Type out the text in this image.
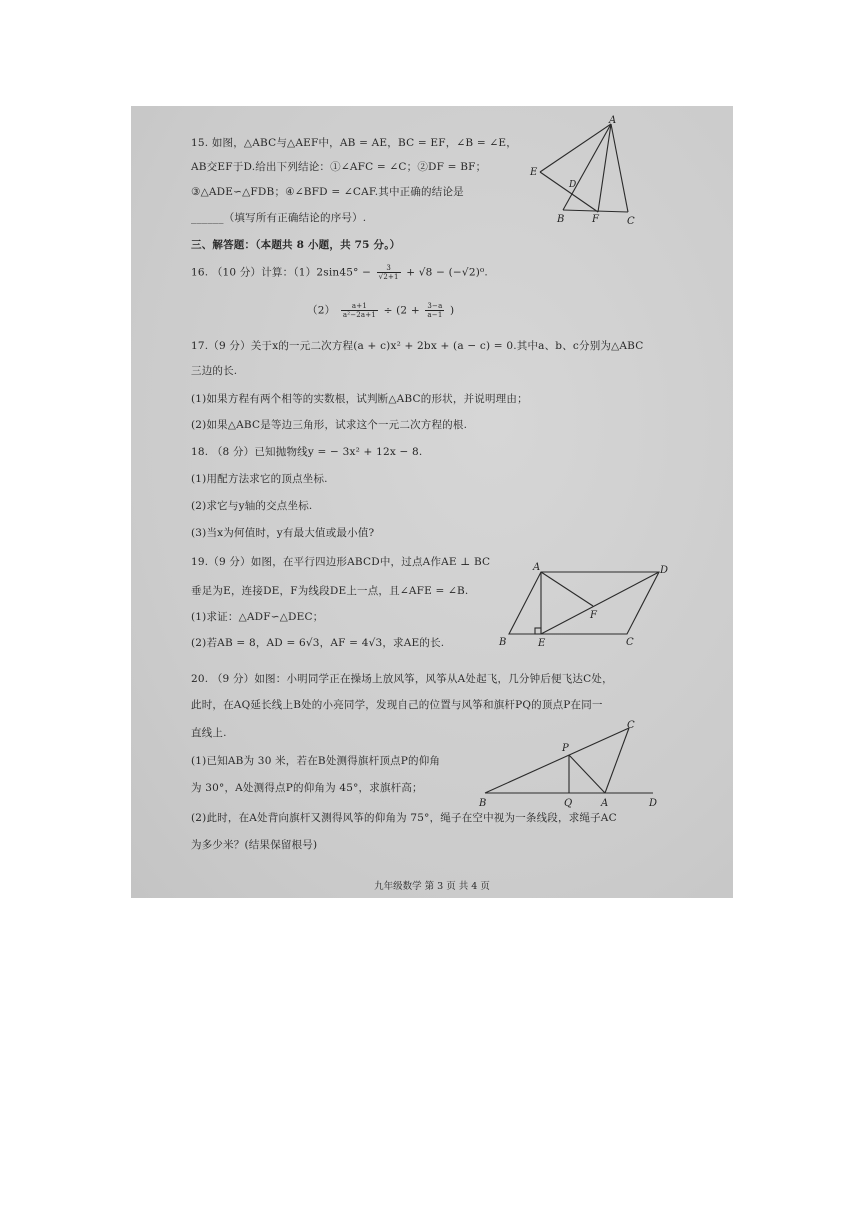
15. 如图，△ABC与△AEF中，AB = AE，BC = EF，∠B = ∠E，
AB交EF于D.给出下列结论：①∠AFC = ∠C；②DF = BF；
③△ADE∽△FDB；④∠BFD = ∠CAF.其中正确的结论是
______（填写所有正确结论的序号）.
A
E
D
B	F	C
三、解答题：（本题共 8 小题，共 75 分。）
16. （10 分）计算：$(1)2\sin 45^\circ - \frac{3}{√2+1} + √8 - (-√2)^0$.
$(2) \frac{a+1}{\text{a²−2a+1}} \div (2 + \frac{3-a}{a-1}$ )
17.（9 分）关于x的一元二次方程(a + c)x² + 2bx + (a − c) = 0.其中a、b、c分别为△ABC
三边的长.
(1)如果方程有两个相等的实数根，试判断△ABC的形状，并说明理由；
(2)如果△ABC是等边三角形，试求这个一元二次方程的根.
18. （8 分）已知抛物线y = − 3x² + 12x − 8.
(1)用配方法求它的顶点坐标.
(2)求它与y轴的交点坐标.
(3)当x为何值时，y有最大值或最小值?
19.（9 分）如图，在平行四边形ABCD中，过点A作AE ⊥ BC
垂足为E，连接DE，F为线段DE上一点，且∠AFE = ∠B.
(1)求证：△ADF∽△DEC；
(2)若AB = 8，AD = 6√3，AF = 4√3，求AE的长.
A	D
F
B	E	C
20. （9 分）如图：小明同学正在操场上放风筝，风筝从A处起飞，几分钟后便飞达C处，
此时，在AQ延长线上B处的小亮同学，发现自己的位置与风筝和旗杆PQ的顶点P在同一
直线上.
(1)已知AB为 30 米，若在B处测得旗杆顶点P的仰角
为 30°，A处测得点P的仰角为 45°，求旗杆高；
(2)此时，在A处背向旗杆又测得风筝的仰角为 75°，绳子在空中视为一条线段，求绳子AC
为多少米？(结果保留根号)
C
P
B	Q	A	D
九年级数学 第 3 页 共 4 页
